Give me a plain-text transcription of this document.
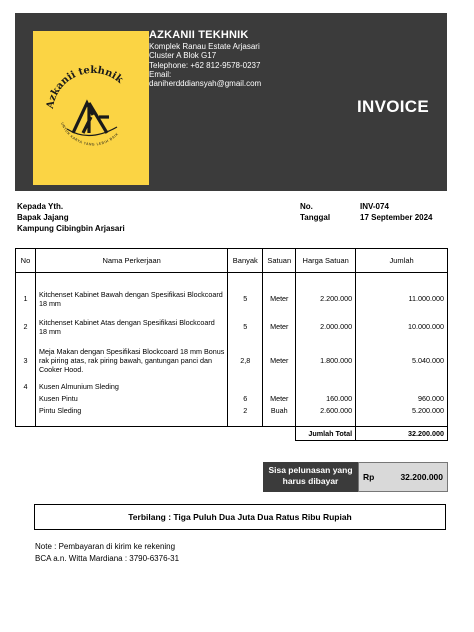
Azkanii tekhnik
UNTUK KARYA YANG LEBIH BAIK
AZKANII TEKHNIK
Komplek Ranau Estate Arjasari
Cluster A Blok G17
Telephone: +62 812-9578-0237
Email:
daniherdddiansyah@gmail.com
INVOICE
Kepada Yth.
Bapak Jajang
Kampung Cibingbin Arjasari
No.	INV-074
Tanggal	17 September 2024
No	Nama Perkerjaan	Banyak	Satuan	Harga Satuan	Jumlah

1	Kitchenset Kabinet Bawah dengan Spesifikasi Blockcoard 18 mm	5	Meter	2.200.000	11.000.000
2	Kitchenset Kabinet Atas dengan Spesifikasi Blockcoard 18 mm	5	Meter	2.000.000	10.000.000
3	Meja Makan dengan Spesifikasi Blockcoard 18 mm Bonus rak piring atas, rak piring bawah, gantungan panci dan Cooker Hood.	2,8	Meter	1.800.000	5.040.000
4	Kusen Almunium Sleding				
	Kusen Pintu	6	Meter	160.000	960.000
	Pintu Sleding	2	Buah	2.600.000	5.200.000

				Jumlah Total	32.200.000
Sisa pelunasan yang harus dibayar	Rp	32.200.000
Terbilang : Tiga Puluh Dua Juta Dua Ratus Ribu Rupiah
Note : Pembayaran di kirim ke rekening
BCA a.n. Witta Mardiana : 3790-6376-31
